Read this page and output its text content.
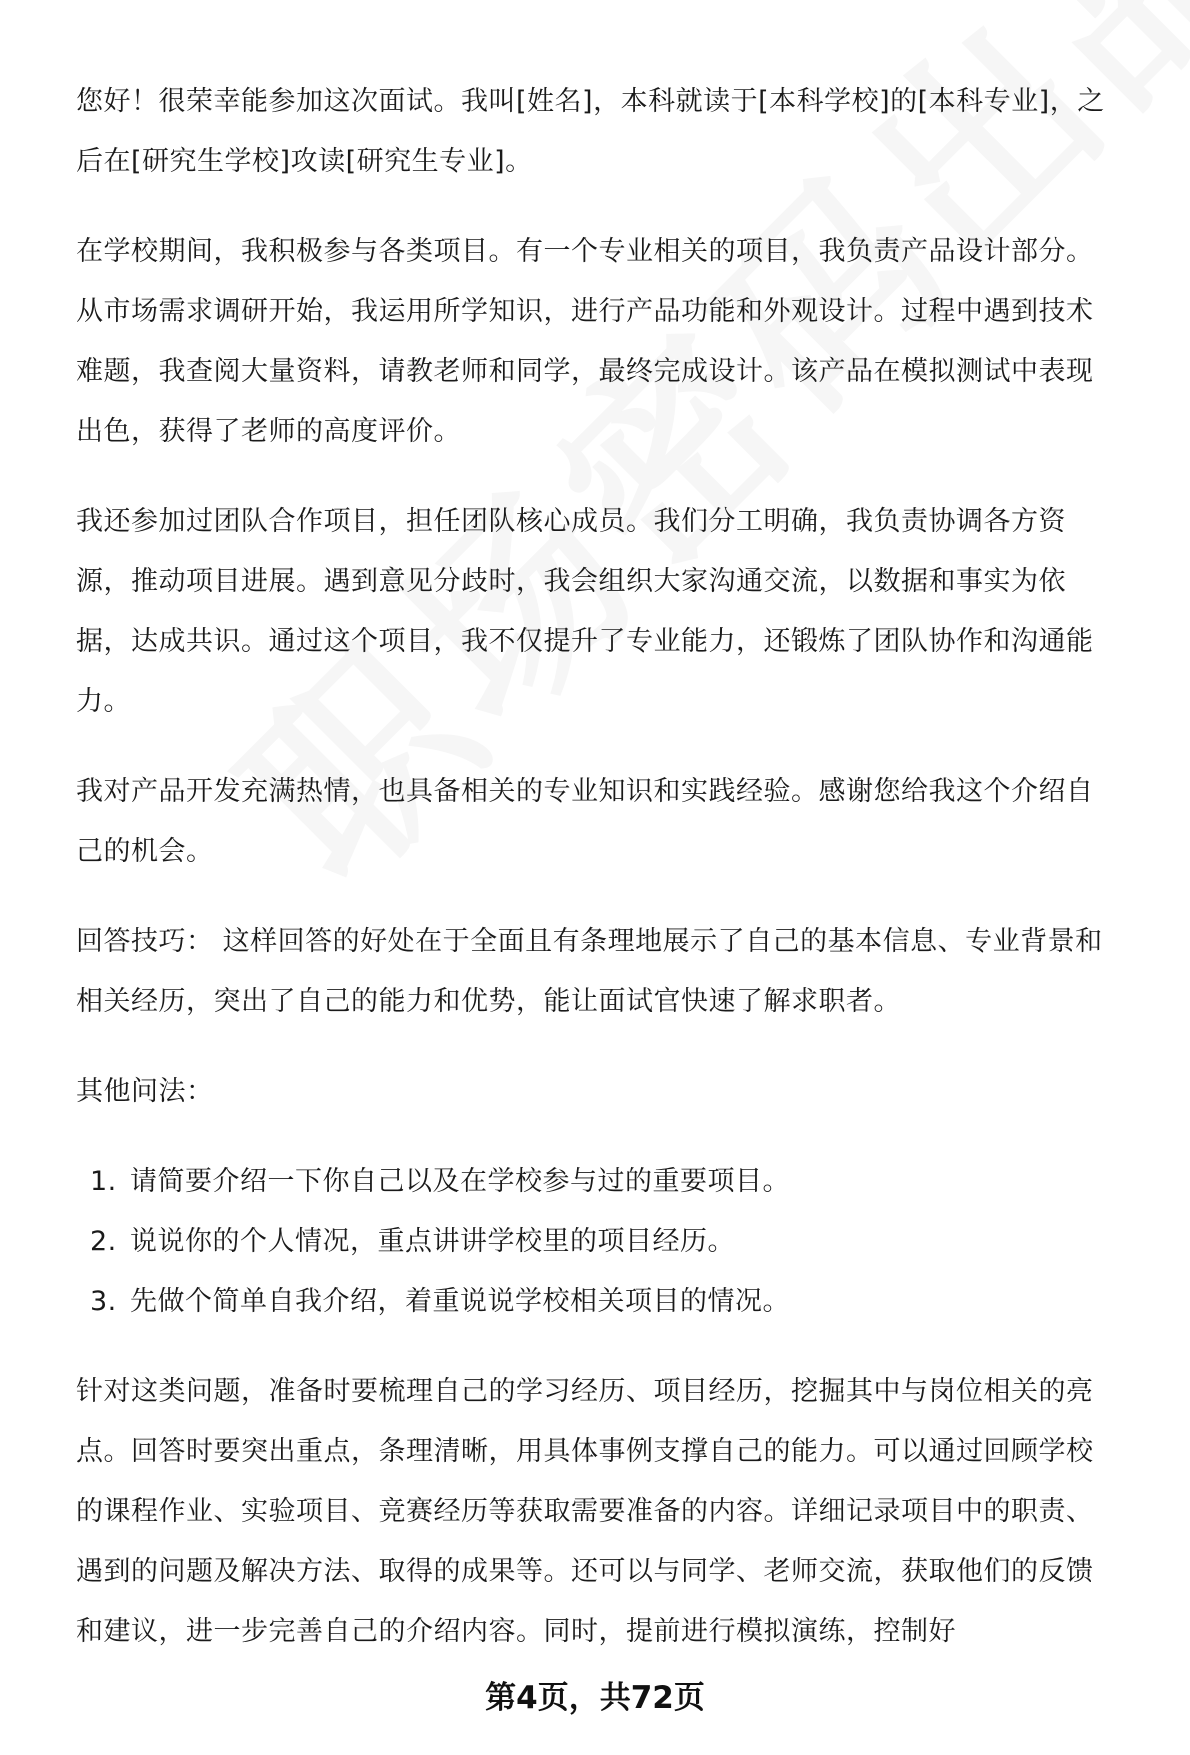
您好！很荣幸能参加这次面试。我叫[姓名]，本科就读于[本科学校]的[本科专业]，之后在[研究生学校]攻读[研究生专业]。

在学校期间，我积极参与各类项目。有一个专业相关的项目，我负责产品设计部分。从市场需求调研开始，我运用所学知识，进行产品功能和外观设计。过程中遇到技术难题，我查阅大量资料，请教老师和同学，最终完成设计。该产品在模拟测试中表现出色，获得了老师的高度评价。

我还参加过团队合作项目，担任团队核心成员。我们分工明确，我负责协调各方资源，推动项目进展。遇到意见分歧时，我会组织大家沟通交流，以数据和事实为依据，达成共识。通过这个项目，我不仅提升了专业能力，还锻炼了团队协作和沟通能力。

我对产品开发充满热情，也具备相关的专业知识和实践经验。感谢您给我这个介绍自己的机会。

回答技巧： 这样回答的好处在于全面且有条理地展示了自己的基本信息、专业背景和相关经历，突出了自己的能力和优势，能让面试官快速了解求职者。

其他问法：

1. 请简要介绍一下你自己以及在学校参与过的重要项目。
2. 说说你的个人情况，重点讲讲学校里的项目经历。
3. 先做个简单自我介绍，着重说说学校相关项目的情况。

针对这类问题，准备时要梳理自己的学习经历、项目经历，挖掘其中与岗位相关的亮点。回答时要突出重点，条理清晰，用具体事例支撑自己的能力。可以通过回顾学校的课程作业、实验项目、竞赛经历等获取需要准备的内容。详细记录项目中的职责、遇到的问题及解决方法、取得的成果等。还可以与同学、老师交流，获取他们的反馈和建议，进一步完善自己的介绍内容。同时，提前进行模拟演练，控制好

第4页，共72页
